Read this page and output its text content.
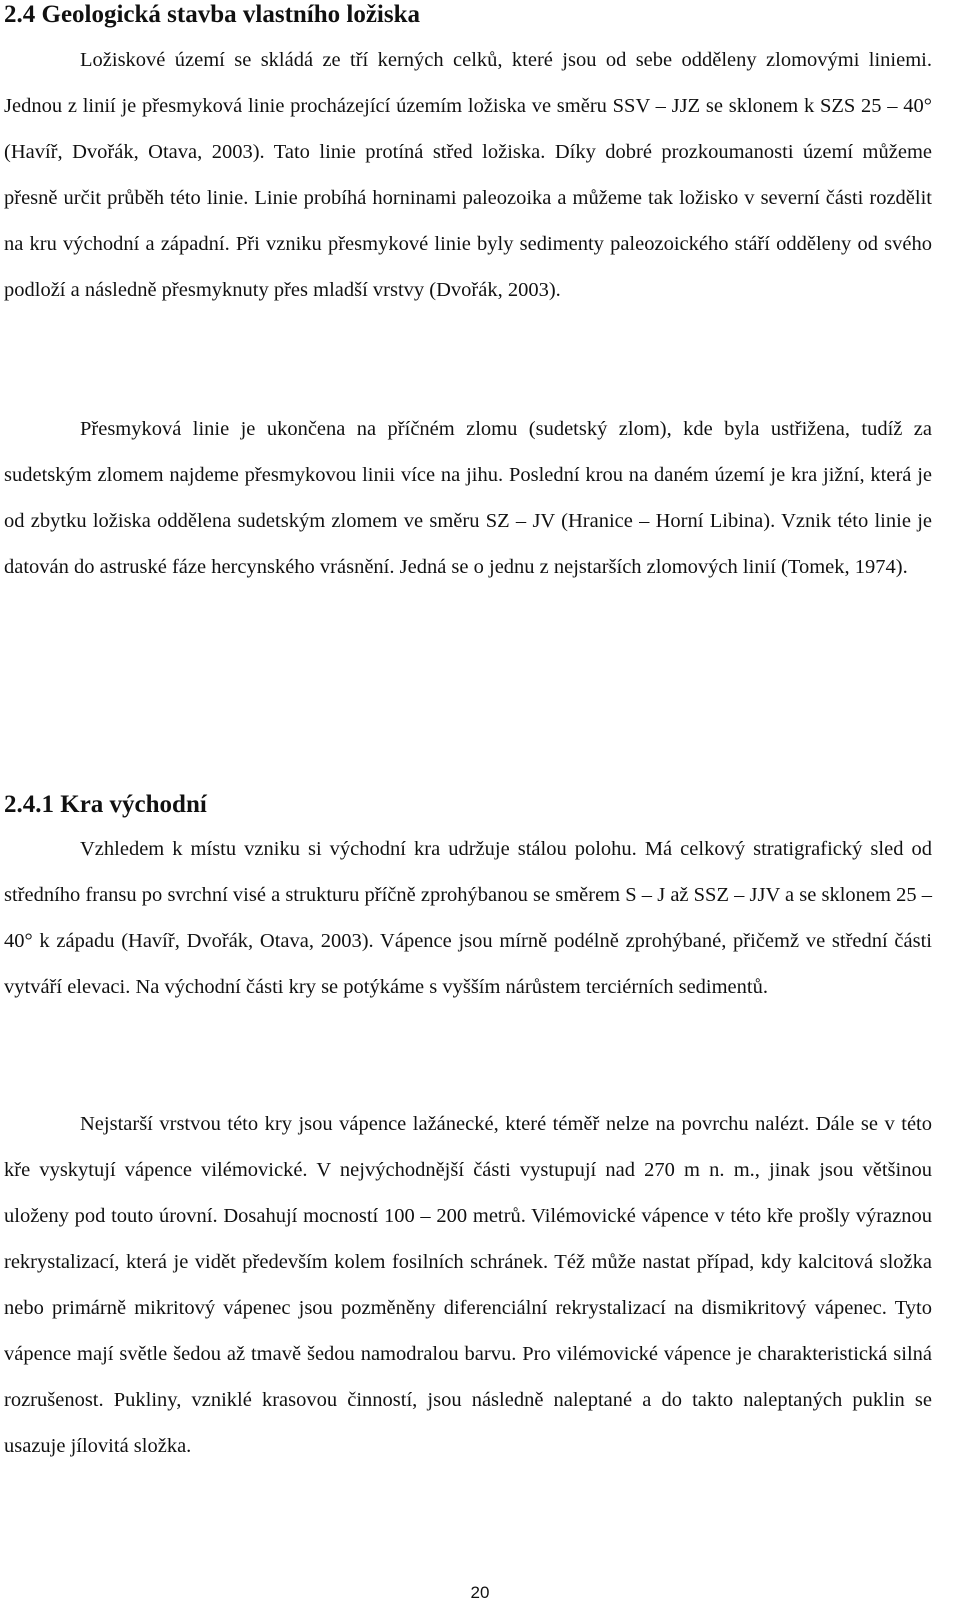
2.4 Geologická stavba vlastního ložiska

Ložiskové území se skládá ze tří kerných celků, které jsou od sebe odděleny zlomovými liniemi. Jednou z linií je přesmyková linie procházející územím ložiska ve směru SSV – JJZ se sklonem k SZS 25 – 40° (Havíř, Dvořák, Otava, 2003). Tato linie protíná střed ložiska. Díky dobré prozkoumanosti území můžeme přesně určit průběh této linie. Linie probíhá horninami paleozoika a můžeme tak ložisko v severní části rozdělit na kru východní a západní. Při vzniku přesmykové linie byly sedimenty paleozoického stáří odděleny od svého podloží a následně přesmyknuty přes mladší vrstvy (Dvořák, 2003).

Přesmyková linie je ukončena na příčném zlomu (sudetský zlom), kde byla ustřižena, tudíž za sudetským zlomem najdeme přesmykovou linii více na jihu. Poslední krou na daném území je kra jižní, která je od zbytku ložiska oddělena sudetským zlomem ve směru SZ – JV (Hranice – Horní Libina). Vznik této linie je datován do astruské fáze hercynského vrásnění. Jedná se o jednu z nejstarších zlomových linií (Tomek, 1974).

2.4.1 Kra východní

Vzhledem k místu vzniku si východní kra udržuje stálou polohu. Má celkový stratigrafický sled od středního fransu po svrchní visé a strukturu příčně zprohýbanou se směrem S – J až SSZ – JJV a se sklonem 25 – 40° k západu (Havíř, Dvořák, Otava, 2003). Vápence jsou mírně podélně zprohýbané, přičemž ve střední části vytváří elevaci. Na východní části kry se potýkáme s vyšším nárůstem terciérních sedimentů.

Nejstarší vrstvou této kry jsou vápence lažánecké, které téměř nelze na povrchu nalézt. Dále se v této kře vyskytují vápence vilémovické. V nejvýchodnější části vystupují nad 270 m n. m., jinak jsou většinou uloženy pod touto úrovní. Dosahují mocností 100 – 200 metrů. Vilémovické vápence v této kře prošly výraznou rekrystalizací, která je vidět především kolem fosilních schránek. Též může nastat případ, kdy kalcitová složka nebo primárně mikritový vápenec jsou pozměněny diferenciální rekrystalizací na dismikritový vápenec. Tyto vápence mají světle šedou až tmavě šedou namodralou barvu. Pro vilémovické vápence je charakteristická silná rozrušenost. Pukliny, vzniklé krasovou činností, jsou následně naleptané a do takto naleptaných puklin se usazuje jílovitá složka.

20
